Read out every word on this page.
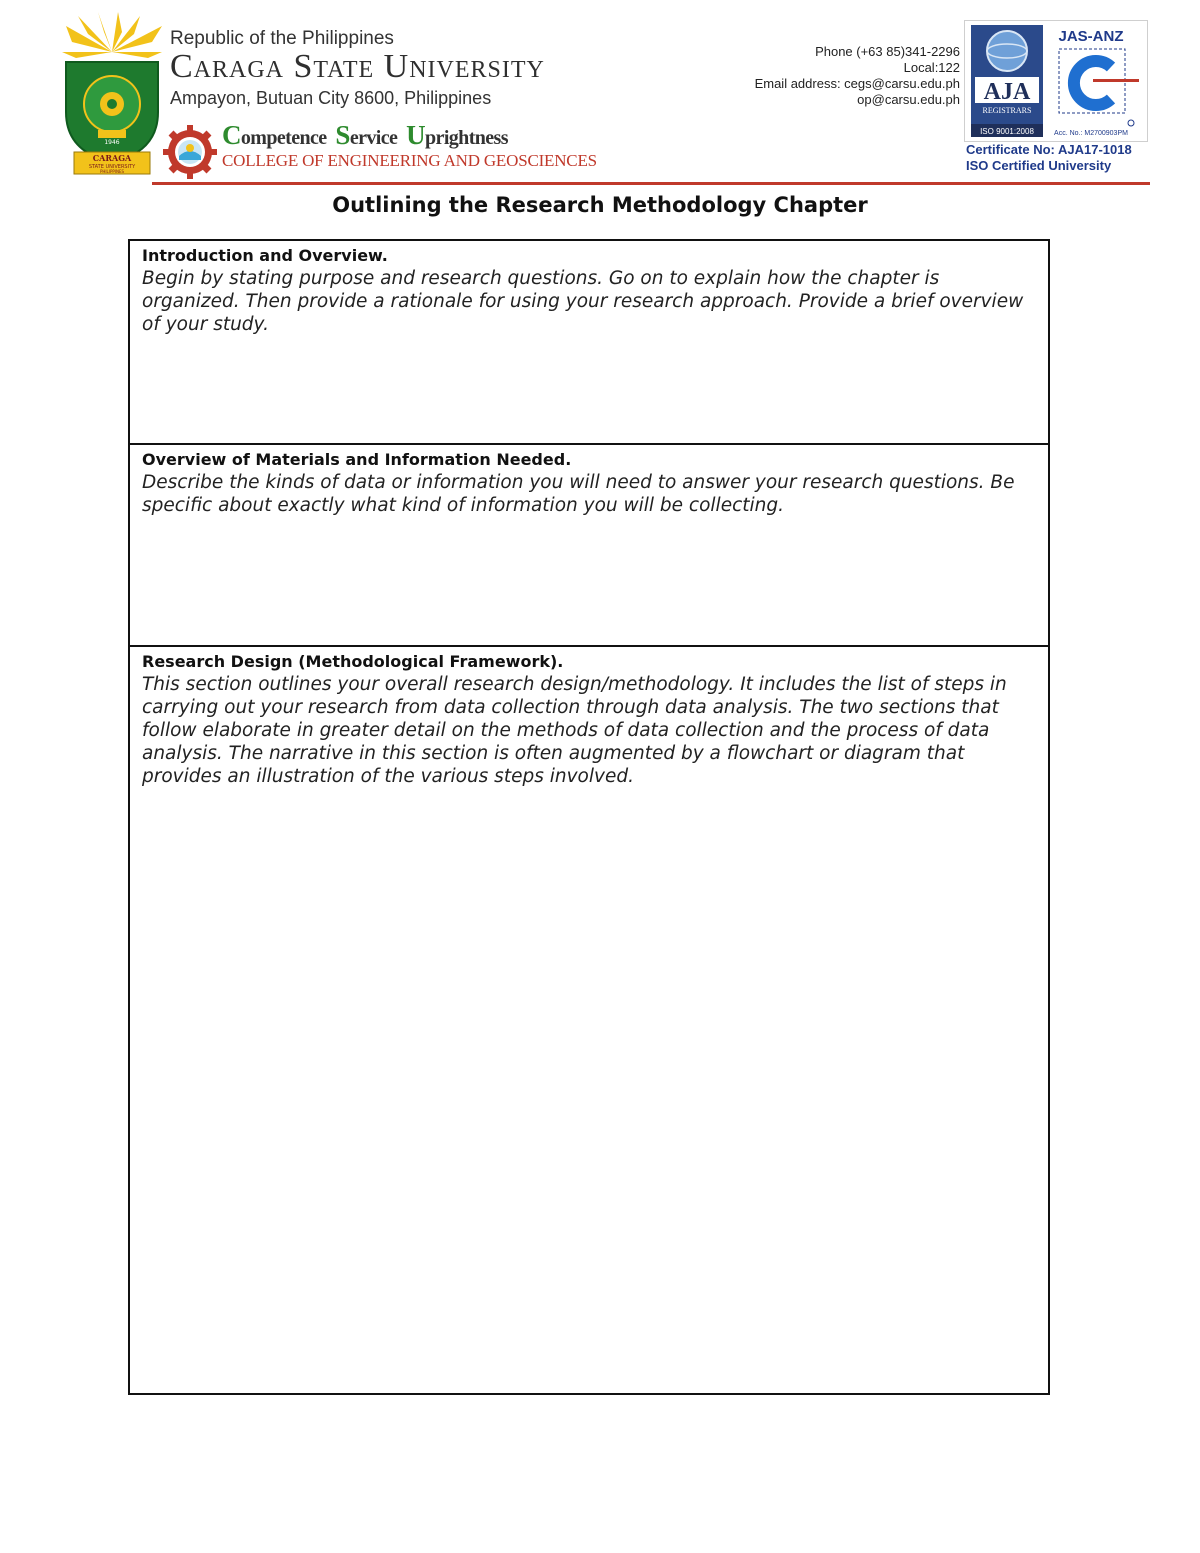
1946
CARAGA
STATE UNIVERSITY
PHILIPPINES
Republic of the Philippines
Caraga State University
Ampayon, Butuan City 8600, Philippines
Competence Service Uprightness
COLLEGE OF ENGINEERING AND GEOSCIENCES
Phone (+63 85)341-2296
Local:122
Email address: cegs@carsu.edu.ph
op@carsu.edu.ph AJA
REGISTRARS
ISO 9001:2008
JAS-ANZ
Acc. No.: M2700903PM
Certificate No: AJA17-1018
ISO Certified University
Outlining the Research Methodology Chapter
Introduction and Overview.
Begin by stating purpose and research questions. Go on to explain how the chapter is organized. Then provide a rationale for using your research approach. Provide a brief overview of your study.
Overview of Materials and Information Needed.
Describe the kinds of data or information you will need to answer your research questions. Be specific about exactly what kind of information you will be collecting.
Research Design (Methodological Framework).
This section outlines your overall research design/methodology. It includes the list of steps in carrying out your research from data collection through data analysis. The two sections that follow elaborate in greater detail on the methods of data collection and the process of data analysis. The narrative in this section is often augmented by a flowchart or diagram that provides an illustration of the various steps involved.
